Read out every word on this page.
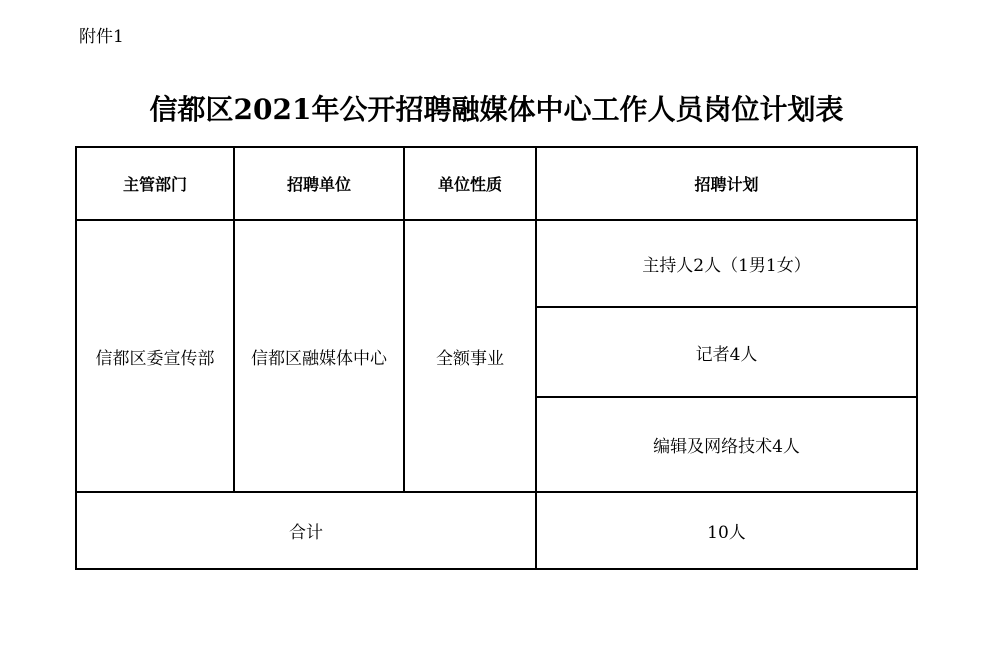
附件1
信都区2021年公开招聘融媒体中心工作人员岗位计划表
主管部门	招聘单位	单位性质	招聘计划
信都区委宣传部	信都区融媒体中心	全额事业	主持人2人（1男1女）
			记者4人
			编辑及网络技术4人
合计			10人
